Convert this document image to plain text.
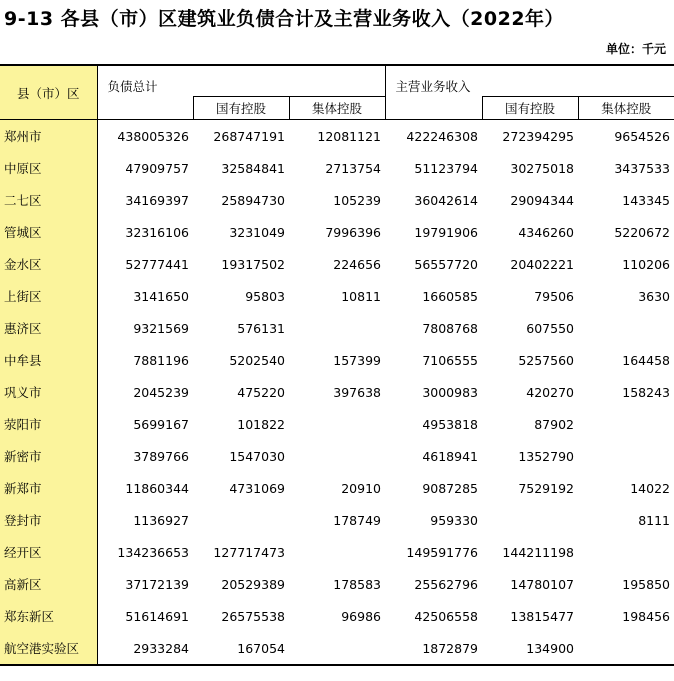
9-13 各县（市）区建筑业负债合计及主营业务收入（2022年）
单位：千元
县（市）区	负债总计			主营业务收入		
		国有控股	集体控股		国有控股	集体控股
郑州市	438005326	268747191	12081121	422246308	272394295	9654526
中原区	47909757	32584841	2713754	51123794	30275018	3437533
二七区	34169397	25894730	105239	36042614	29094344	143345
管城区	32316106	3231049	7996396	19791906	4346260	5220672
金水区	52777441	19317502	224656	56557720	20402221	110206
上街区	3141650	95803	10811	1660585	79506	3630
惠济区	9321569	576131		7808768	607550	
中牟县	7881196	5202540	157399	7106555	5257560	164458
巩义市	2045239	475220	397638	3000983	420270	158243
荥阳市	5699167	101822		4953818	87902	
新密市	3789766	1547030		4618941	1352790	
新郑市	11860344	4731069	20910	9087285	7529192	14022
登封市	1136927		178749	959330		8111
经开区	134236653	127717473		149591776	144211198	
高新区	37172139	20529389	178583	25562796	14780107	195850
郑东新区	51614691	26575538	96986	42506558	13815477	198456
航空港实验区	2933284	167054		1872879	134900	
